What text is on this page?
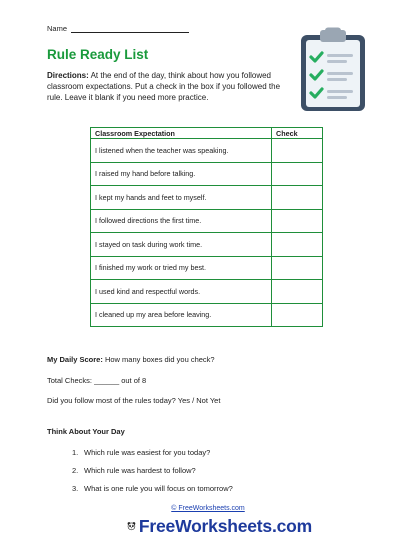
Name
Rule Ready List
Directions: At the end of the day, think about how you followed classroom expectations. Put a check in the box if you followed the rule. Leave it blank if you need more practice.
Classroom Expectation	Check
I listened when the teacher was speaking.	
I raised my hand before talking.	
I kept my hands and feet to myself.	
I followed directions the first time.	
I stayed on task during work time.	
I finished my work or tried my best.	
I used kind and respectful words.	
I cleaned up my area before leaving.	
My Daily Score: How many boxes did you check?
Total Checks: ______ out of 8
Did you follow most of the rules today? Yes / Not Yet
Think About Your Day
1. Which rule was easiest for you today?
2. Which rule was hardest to follow?
3. What is one rule you will focus on tomorrow?
© FreeWorksheets.com
FreeWorksheets.com
